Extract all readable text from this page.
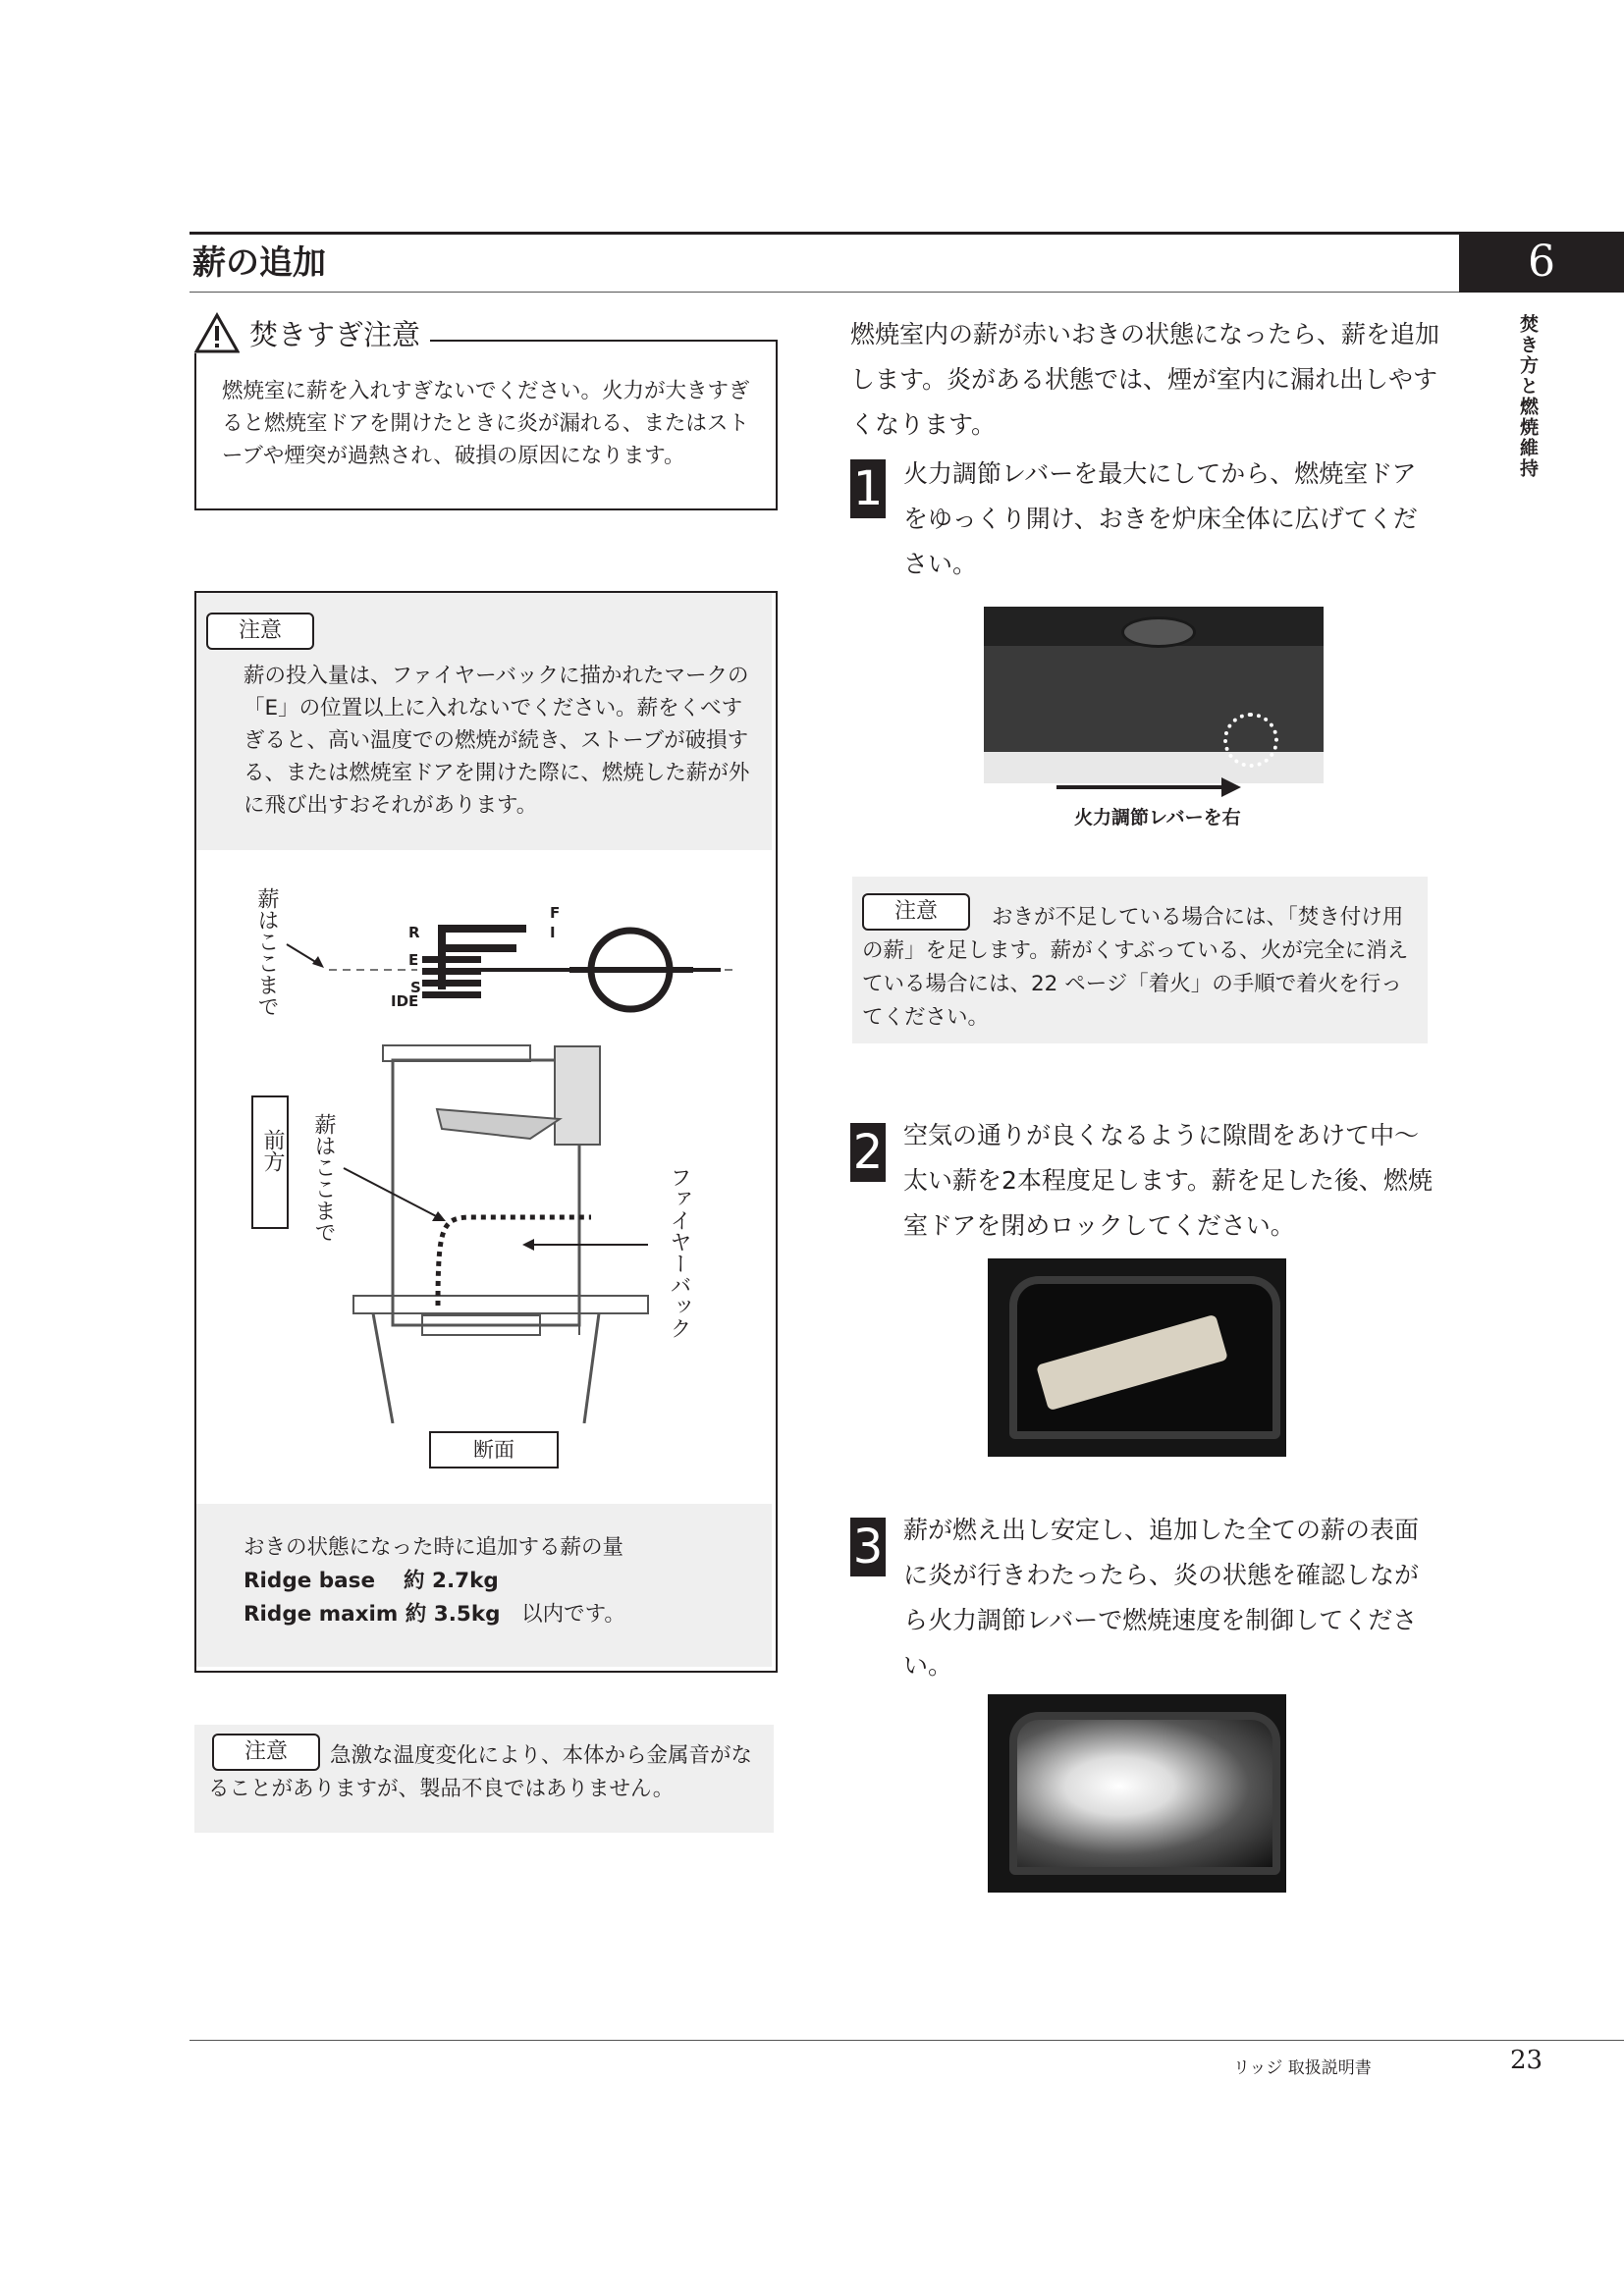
薪の追加	6
焚き方と燃焼維持
焚きすぎ注意
燃焼室に薪を入れすぎないでください。火力が大きすぎると燃焼室ドアを開けたときに炎が漏れる、またはストーブや煙突が過熱され、破損の原因になります。
注意
薪の投入量は、ファイヤーバックに描かれたマークの「E」の位置以上に入れないでください。薪をくべすぎると、高い温度での燃焼が続き、ストーブが破損する、または燃焼室ドアを開けた際に、燃焼した薪が外に飛び出すおそれがあります。
薪はここまで	F
I
R
E
S
IDE
前方 薪はここまで	ファイヤーバック
断面
おきの状態になった時に追加する薪の量
Ridge base　 約 2.7kg
Ridge maxim 約 3.5kg　 以内です。
急激な温度変化により、本体から金属音がなることがありますが、製品不良ではありません。
注意
燃焼室内の薪が赤いおきの状態になったら、薪を追加します。炎がある状態では、煙が室内に漏れ出しやすくなります。
1 火力調節レバーを最大にしてから、燃焼室ドアをゆっくり開け、おきを炉床全体に広げてください。
火力調節レバーを右
おきが不足している場合には、「焚き付け用の薪」を足します。薪がくすぶっている、火が完全に消えている場合には、22 ページ「着火」の手順で着火を行ってください。
注意
2 空気の通りが良くなるように隙間をあけて中〜太い薪を2本程度足します。薪を足した後、燃焼室ドアを閉めロックしてください。
3 薪が燃え出し安定し、追加した全ての薪の表面に炎が行きわたったら、炎の状態を確認しながら火力調節レバーで燃焼速度を制御してください。
リッジ 取扱説明書	23
